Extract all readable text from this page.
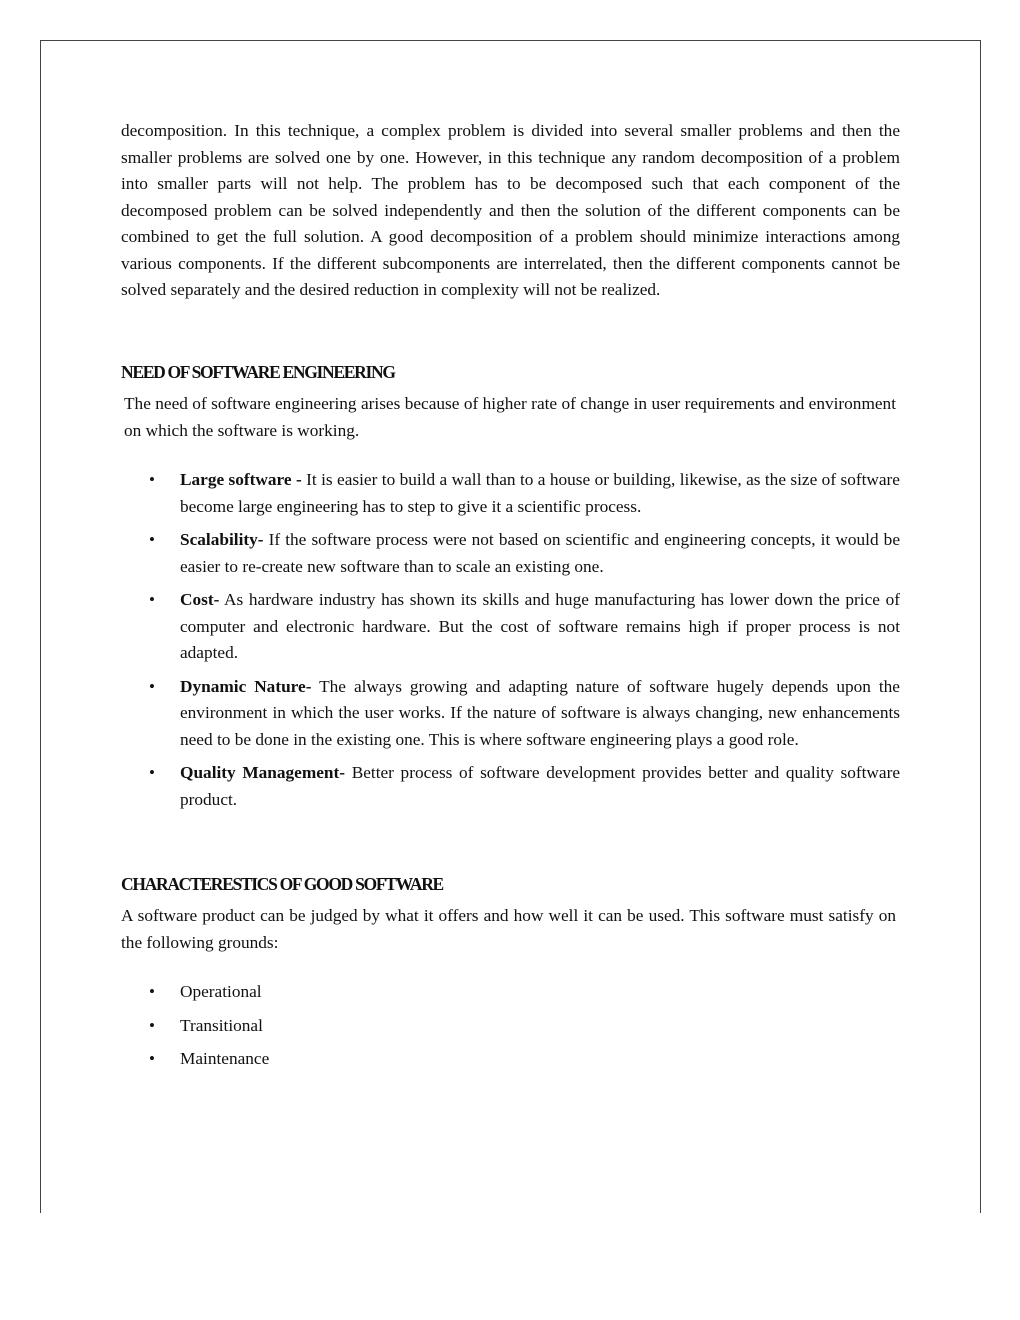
decomposition. In this technique, a complex problem is divided into several smaller problems and then the smaller problems are solved one by one. However, in this technique any random decomposition of a problem into smaller parts will not help. The problem has to be decomposed such that each component of the decomposed problem can be solved independently and then the solution of the different components can be combined to get the full solution. A good decomposition of a problem should minimize interactions among various components. If the different subcomponents are interrelated, then the different components cannot be solved separately and the desired reduction in complexity will not be realized.

NEED OF SOFTWARE ENGINEERING

The need of software engineering arises because of higher rate of change in user requirements and environment on which the software is working.

• Large software - It is easier to build a wall than to a house or building, likewise, as the size of software become large engineering has to step to give it a scientific process.
• Scalability- If the software process were not based on scientific and engineering concepts, it would be easier to re-create new software than to scale an existing one.
• Cost- As hardware industry has shown its skills and huge manufacturing has lower down the price of computer and electronic hardware. But the cost of software remains high if proper process is not adapted.
• Dynamic Nature- The always growing and adapting nature of software hugely depends upon the environment in which the user works. If the nature of software is always changing, new enhancements need to be done in the existing one. This is where software engineering plays a good role.
• Quality Management- Better process of software development provides better and quality software product.
CHARACTERESTICS OF GOOD SOFTWARE

A software product can be judged by what it offers and how well it can be used. This software must satisfy on the following grounds:

• Operational
• Transitional
• Maintenance
